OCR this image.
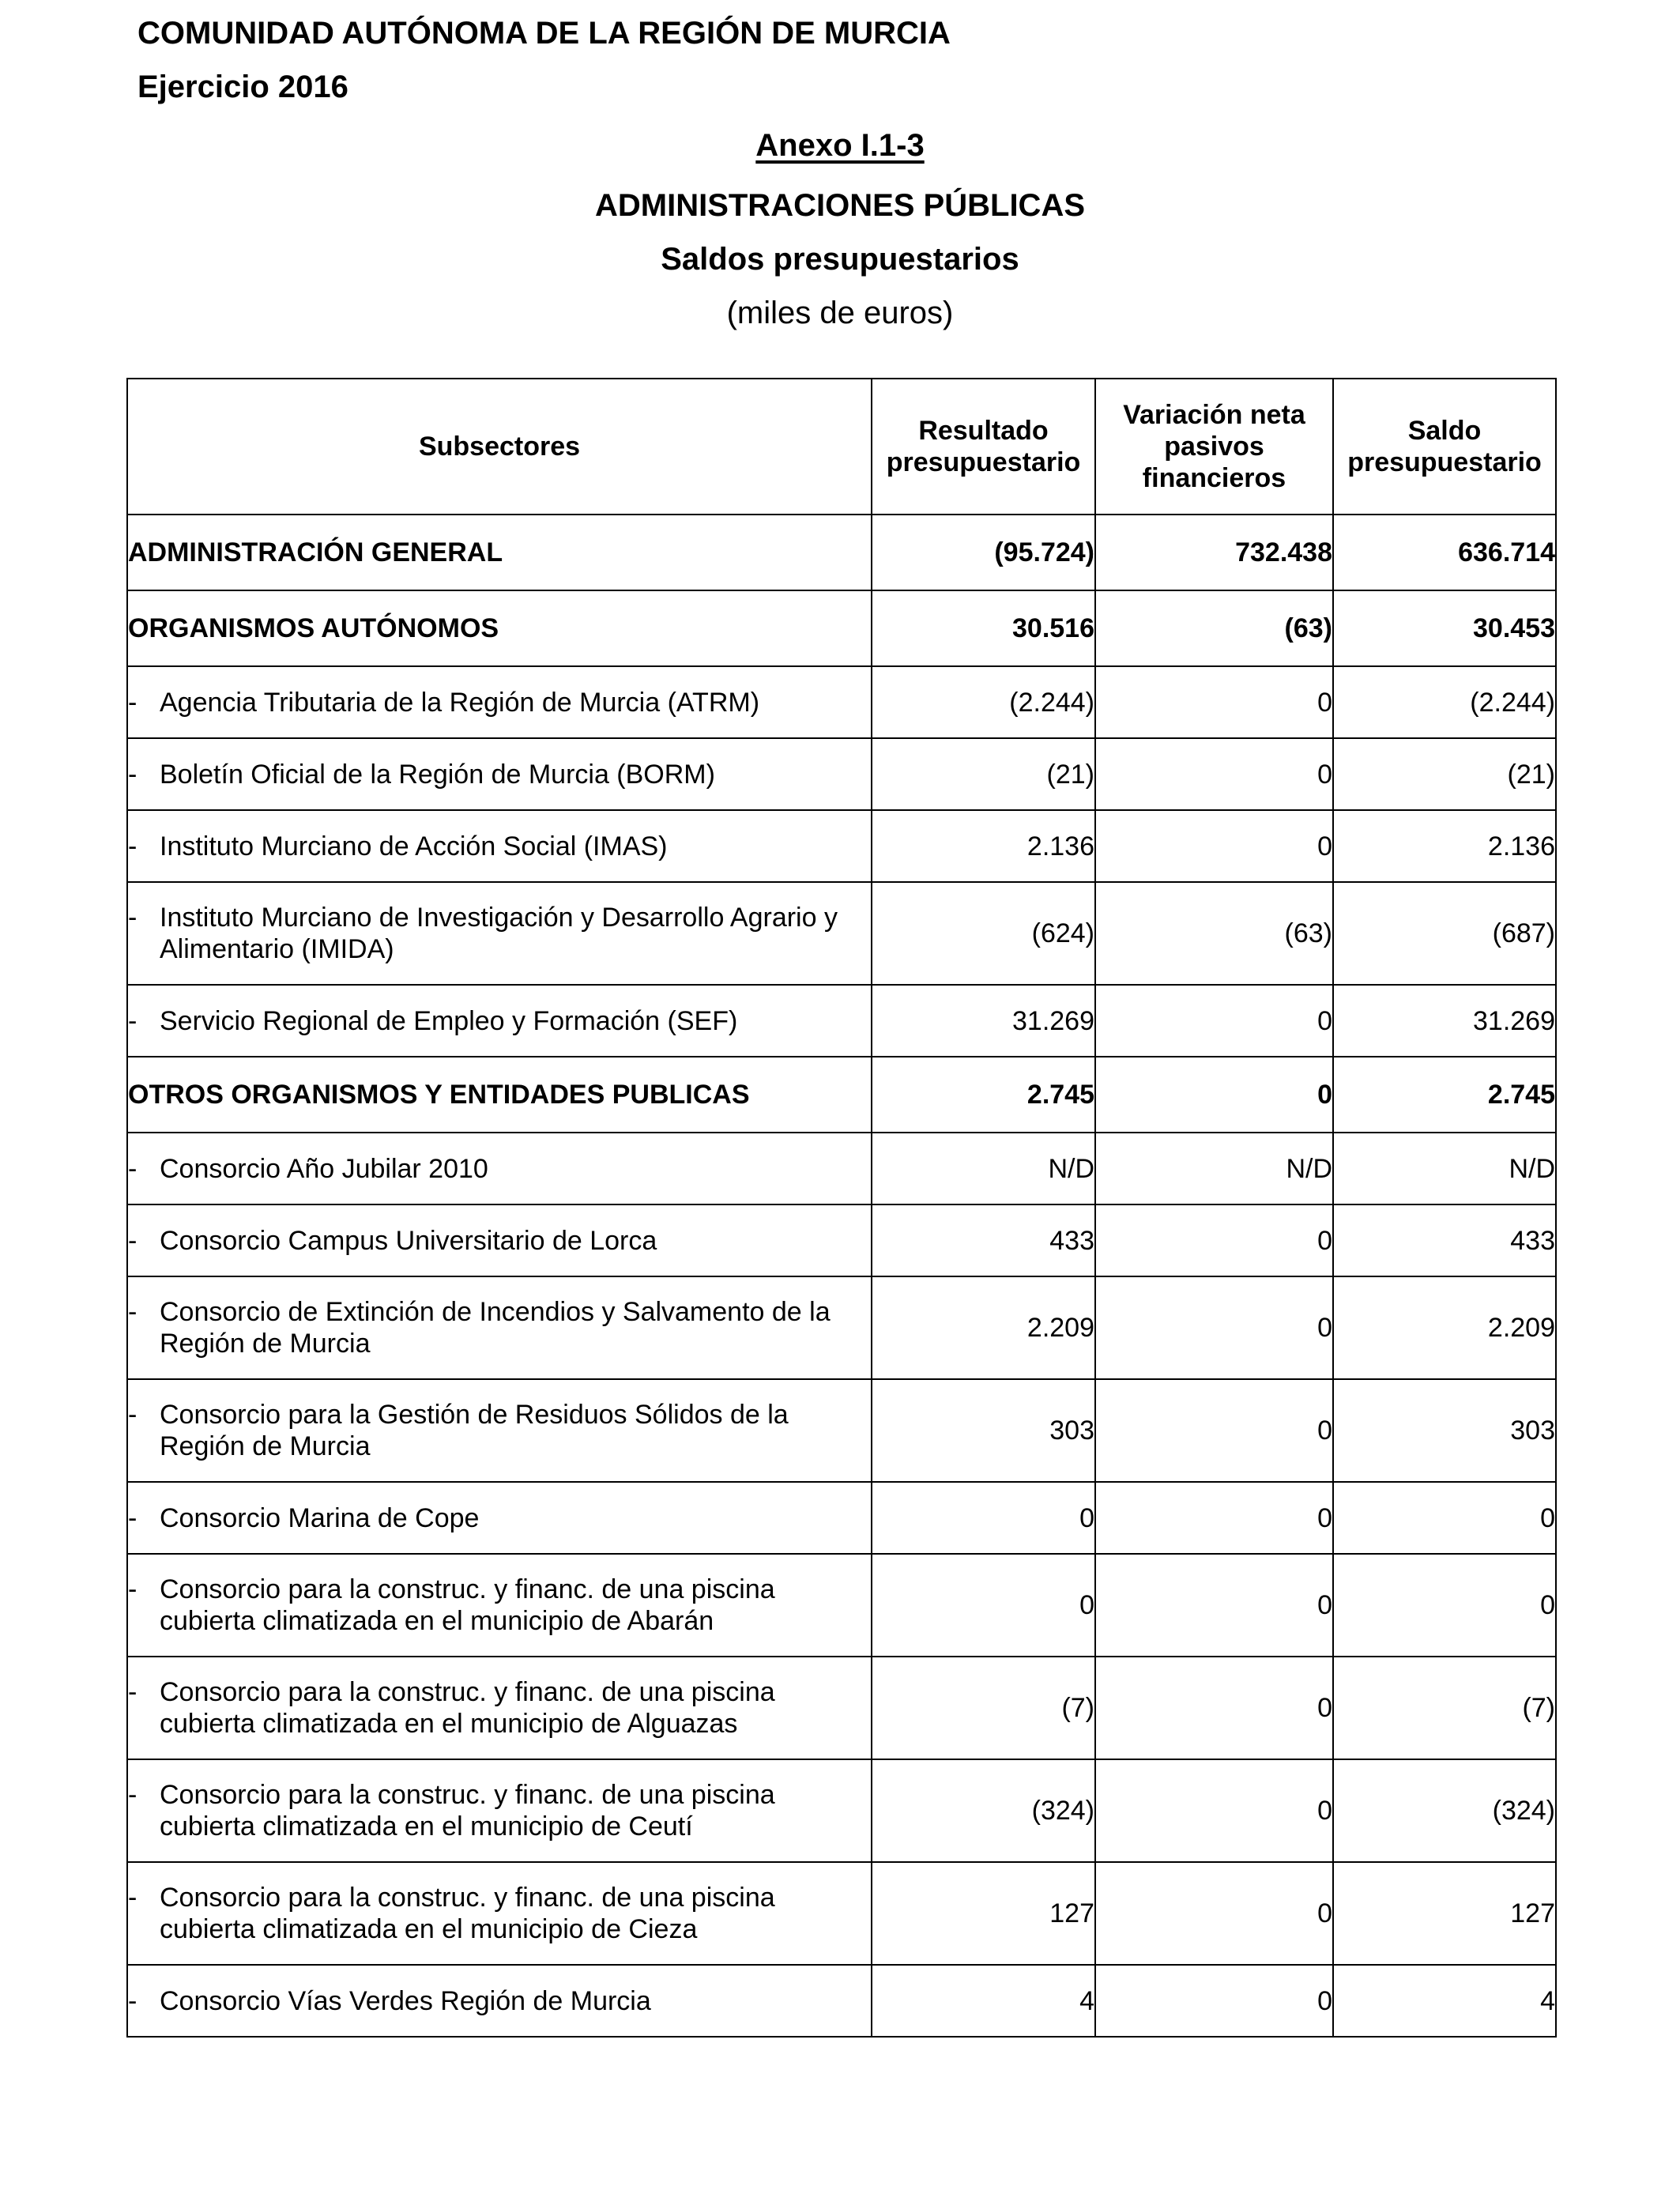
COMUNIDAD AUTÓNOMA DE LA REGIÓN DE MURCIA
Ejercicio 2016
Anexo I.1-3
ADMINISTRACIONES PÚBLICAS
Saldos presupuestarios
(miles de euros)
Subsectores	Resultado presupuestario	Variación neta pasivos financieros	Saldo presupuestario
ADMINISTRACIÓN GENERAL	(95.724)	732.438	636.714
ORGANISMOS AUTÓNOMOS	30.516	(63)	30.453

- Agencia Tributaria de la Región de Murcia (ATRM)	(2.244)	0	(2.244)

- Boletín Oficial de la Región de Murcia (BORM)	(21)	0	(21)

- Instituto Murciano de Acción Social (IMAS)	2.136	0	2.136

- Instituto Murciano de Investigación y Desarrollo Agrario y Alimentario (IMIDA)	(624)	(63)	(687)

- Servicio Regional de Empleo y Formación (SEF)	31.269	0	31.269
OTROS ORGANISMOS Y ENTIDADES PUBLICAS	2.745	0	2.745

- Consorcio Año Jubilar 2010	N/D	N/D	N/D

- Consorcio Campus Universitario de Lorca	433	0	433

- Consorcio de Extinción de Incendios y Salvamento de la Región de Murcia	2.209	0	2.209

- Consorcio para la Gestión de Residuos Sólidos de la Región de Murcia	303	0	303

- Consorcio Marina de Cope	0	0	0

- Consorcio para la construc. y financ. de una piscina cubierta climatizada en el municipio de Abarán	0	0	0

- Consorcio para la construc. y financ. de una piscina cubierta climatizada en el municipio de Alguazas	(7)	0	(7)

- Consorcio para la construc. y financ. de una piscina cubierta climatizada en el municipio de Ceutí	(324)	0	(324)

- Consorcio para la construc. y financ. de una piscina cubierta climatizada en el municipio de Cieza	127	0	127

- Consorcio Vías Verdes Región de Murcia	4	0	4
